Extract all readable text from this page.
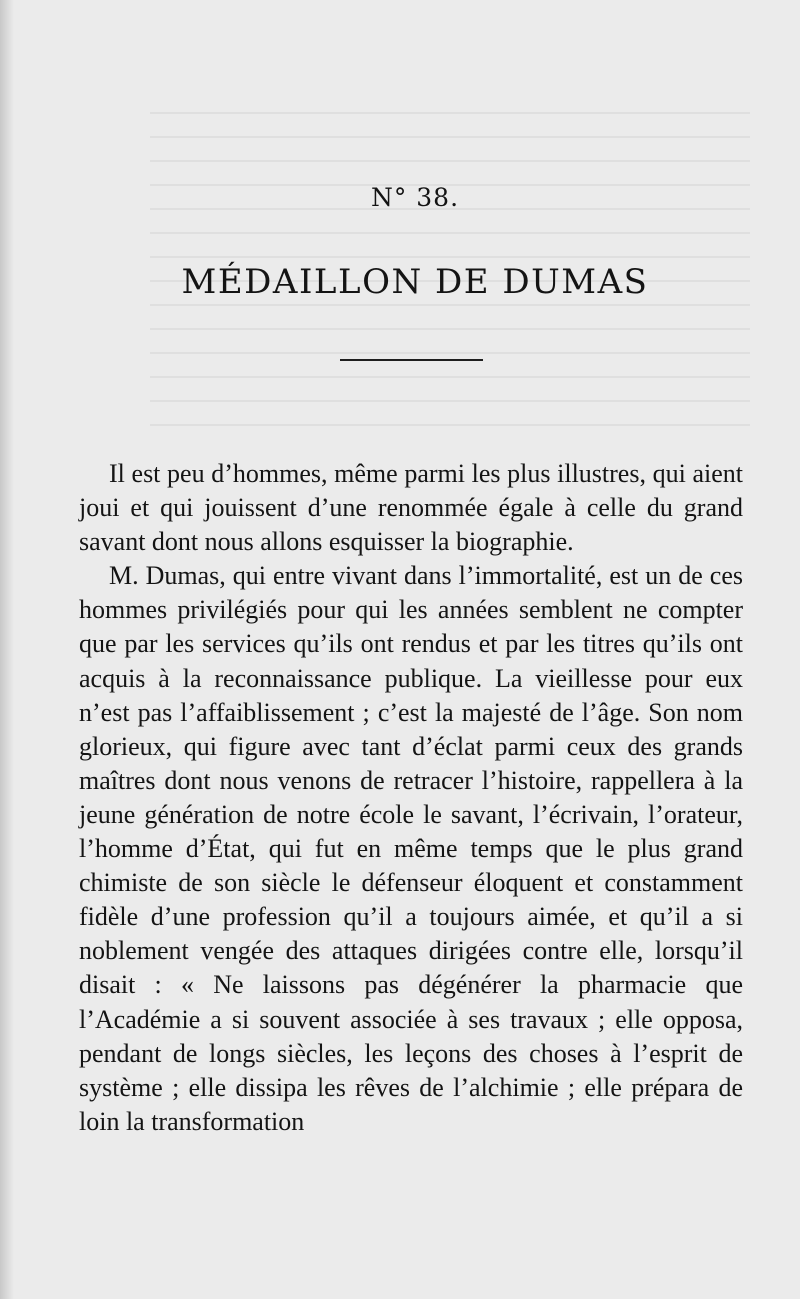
N° 38.
MÉDAILLON DE DUMAS

Il est peu d’hommes, même parmi les plus illustres, qui aient joui et qui jouissent d’une renommée égale à celle du grand savant dont nous allons esquisser la biographie.

M. Dumas, qui entre vivant dans l’immortalité, est un de ces hommes privilégiés pour qui les années semblent ne compter que par les services qu’ils ont rendus et par les titres qu’ils ont acquis à la reconnaissance publique. La vieillesse pour eux n’est pas l’affaiblissement ; c’est la majesté de l’âge. Son nom glorieux, qui figure avec tant d’éclat parmi ceux des grands maîtres dont nous venons de retracer l’histoire, rappellera à la jeune génération de notre école le savant, l’écrivain, l’orateur, l’homme d’État, qui fut en même temps que le plus grand chimiste de son siècle le défenseur éloquent et constamment fidèle d’une profession qu’il a toujours aimée, et qu’il a si noblement vengée des attaques dirigées contre elle, lorsqu’il disait : « Ne laissons pas dégénérer la pharmacie que l’Académie a si souvent associée à ses travaux ; elle opposa, pendant de longs siècles, les leçons des choses à l’esprit de système ; elle dissipa les rêves de l’alchimie ; elle prépara de loin la transformation
